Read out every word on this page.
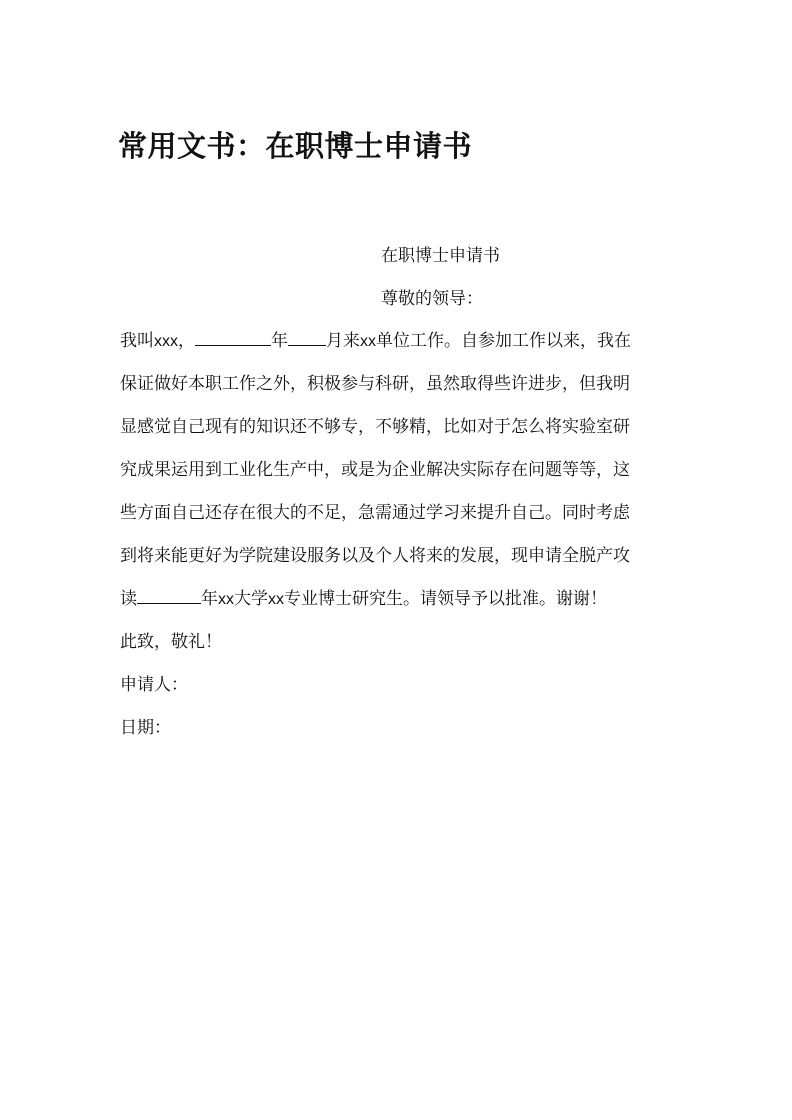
常用文书：在职博士申请书
在职博士申请书
尊敬的领导：
我叫xxx，	年 月来xx单位工作。自参加工作以来，我在
保证做好本职工作之外，积极参与科研，虽然取得些许进步，但我明
显感觉自己现有的知识还不够专，不够精，比如对于怎么将实验室研
究成果运用到工业化生产中，或是为企业解决实际存在问题等等，这
些方面自己还存在很大的不足，急需通过学习来提升自己。同时考虑
到将来能更好为学院建设服务以及个人将来的发展，现申请全脱产攻
读	年xx大学xx专业博士研究生。请领导予以批准。谢谢！
此致，敬礼！
申请人：
日期：
